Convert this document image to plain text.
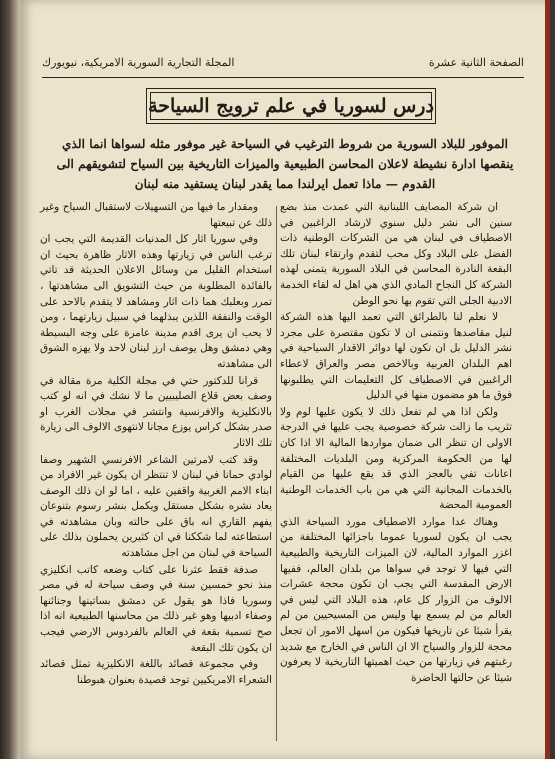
المجلة التجارية السورية الامريكية، نيويورك	الصفحة الثانية عشرة
درس لسوريا في علم ترويج السياحة
الموفور للبلاد السورية من شروط الترغيب في السياحة غير موفور مثله لسواها انما الذي ينقصها ادارة نشيطة لاعلان المحاسن الطبيعية والميزات التاريخية بين السياح لتشويقهم الى القدوم — ماذا تعمل ايرلندا مما يقدر لبنان يستفيد منه لبنان

ان شركة المصايف اللبنانية التي عمدت منذ بضع سنين الى نشر دليل سنوي لارشاد الراغبين في الاصطياف في لبنان هي من الشركات الوطنية ذات الفضل على البلاد وكل محب لتقدم وارتقاء لبنان تلك البقعة النادرة المحاسن في البلاد السورية يتمنى لهذه الشركة كل النجاح المادي الذي هي اهل له لقاء الخدمة الادبية الجلى التي تقوم بها نحو الوطن

لا نعلم لنا بالطرائق التي تعمد اليها هذه الشركة لنيل مقاصدها ونتمنى ان لا تكون مقتصرة على مجرد نشر الدليل بل ان تكون لها دوائر الاقدار السياحية في اهم البلدان العربية وبالاخص مصر والعراق لاعطاء الراغبين في الاصطياف كل التعليمات التي يطلبونها فوق ما هو مضمون منها في الدليل

ولكن اذا هي لم تفعل ذلك لا يكون عليها لوم ولا تثريب ما زالت شركة خصوصية يجب عليها في الدرجة الاولى ان تنظر الى ضمان مواردها المالية الا اذا كان لها من الحكومة المركزية ومن البلديات المختلفة اعانات تفي بالعجز الذي قد يقع عليها من القيام بالخدمات المجانية التي هي من باب الخدمات الوطنية العمومية المحضة

وهناك عدا موارد الاصطياف مورد السياحة الذي يجب ان يكون لسوريا عموما باجزائها المختلفة من اغزر الموارد المالية، لان الميزات التاريخية والطبيعية التي فيها لا توجد في سواها من بلدان العالم، ففيها الارض المقدسة التي يجب ان تكون محجة عشرات الالوف من الزوار كل عام، هذه البلاد التي ليس في العالم من لم يسمع بها وليس من المسيحيين من لم يقرأ شيئا عن تاريخها فيكون من اسهل الامور ان تجعل محجة للزوار والسياح الا ان الناس في الخارج مع شديد رغبتهم في زيارتها من حيث اهميتها التاريخية لا يعرفون شيئا عن حالتها الحاضرة

ومقدار ما فيها من التسهيلات لاستقبال السياح وغير ذلك عن تبيعتها

وفي سوريا اثار كل المدنيات القديمة التي يجب ان ترغب الناس في زيارتها وهذه الاثار ظاهرة بحيث ان استخدام القليل من وسائل الاعلان الحديثة قد تاتي بالفائدة المطلوبة من حيث التشويق الى مشاهدتها ، تمرر وبعلبك هما ذات اثار ومشاهد لا يتقدم بالاحد على الوقت والنفقة اللذين يبذلهما في سبيل زيارتهما ، ومن لا يحب ان يرى اقدم مدينة عامرة على وجه البسيطة وهي دمشق وهل يوصف ارز لبنان لاحد ولا يهزه الشوق الى مشاهدته

قرانا للدكتور حتي في مجلة الكلية مرة مقالة في وصف بعض قلاع الصليبيين ما لا نشك في انه لو كتب بالانكليزية والافرنسية وانتشر في مجلات الغرب او صدر بشكل كراس يوزع مجانا لانتهوى الالوف الى زيارة تلك الاثار

وقد كتب لامرتين الشاعر الافرنسي الشهير وصفا لوادي حمانا في لبنان لا تنتظر ان يكون غير الافراد من ابناء الامم الغربية واقفين عليه ، اما لو ان ذلك الوصف يعاد نشره بشكل مستقل ويكمل بنشر رسوم بتنوعان يفهم القاري انه باق على حالته وبان مشاهدته في استطاعته لما شككنا في ان كثيرين يحملون بذلك على السياحة في لبنان من اجل مشاهدته

صدفة فقط عثرنا على كتاب وضعه كاتب انكليزي منذ نحو خمسين سنة في وصف سياحة له في مصر وسوريا فاذا هو يقول عن دمشق بساتينها وجنائنها وصفاء ادبيها وهو غير ذلك من محاسنها الطبيعية انه اذا صح تسمية بقعة في العالم بالفردوس الارضي فيجب ان يكون تلك البقعة

وفي مجموعة قصائد باللغة الانكليزية تمثل قصائد الشعراء الامريكيين توجد قصيدة بعنوان هبوطنا
